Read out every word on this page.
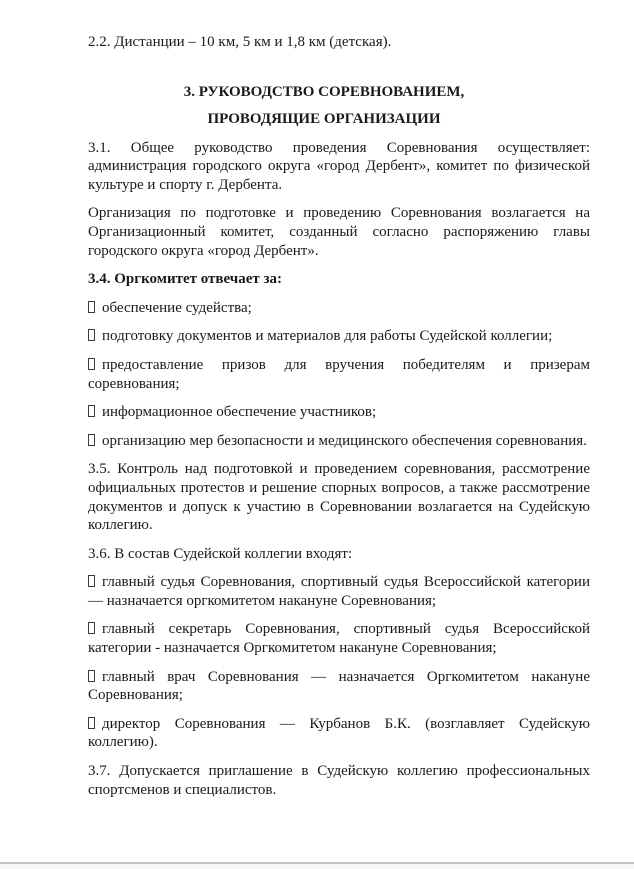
2.2. Дистанции – 10 км, 5 км и 1,8 км (детская).

3. РУКОВОДСТВО СОРЕВНОВАНИЕМ,
ПРОВОДЯЩИЕ ОРГАНИЗАЦИИ

3.1. Общее руководство проведения Соревнования осуществляет: администрация городского округа «город Дербент», комитет по физической культуре и спорту г. Дербента.

Организация по подготовке и проведению Соревнования возлагается на Организационный комитет, созданный согласно распоряжению главы городского округа «город Дербент».

3.4. Оргкомитет отвечает за:

обеспечение судейства;

подготовку документов и материалов для работы Судейской коллегии;

предоставление призов для вручения победителям и призерам соревнования;

информационное обеспечение участников;

организацию мер безопасности и медицинского обеспечения соревнования.

3.5. Контроль над подготовкой и проведением соревнования, рассмотрение официальных протестов и решение спорных вопросов, а также рассмотрение документов и допуск к участию в Соревновании возлагается на Судейскую коллегию.

3.6. В состав Судейской коллегии входят:

главный судья Соревнования, спортивный судья Всероссийской категории — назначается оргкомитетом накануне Соревнования;

главный секретарь Соревнования, спортивный судья Всероссийской категории - назначается Оргкомитетом накануне Соревнования;

главный врач Соревнования — назначается Оргкомитетом накануне Соревнования;

директор Соревнования — Курбанов Б.К. (возглавляет Судейскую коллегию).

3.7. Допускается приглашение в Судейскую коллегию профессиональных спортсменов и специалистов.
